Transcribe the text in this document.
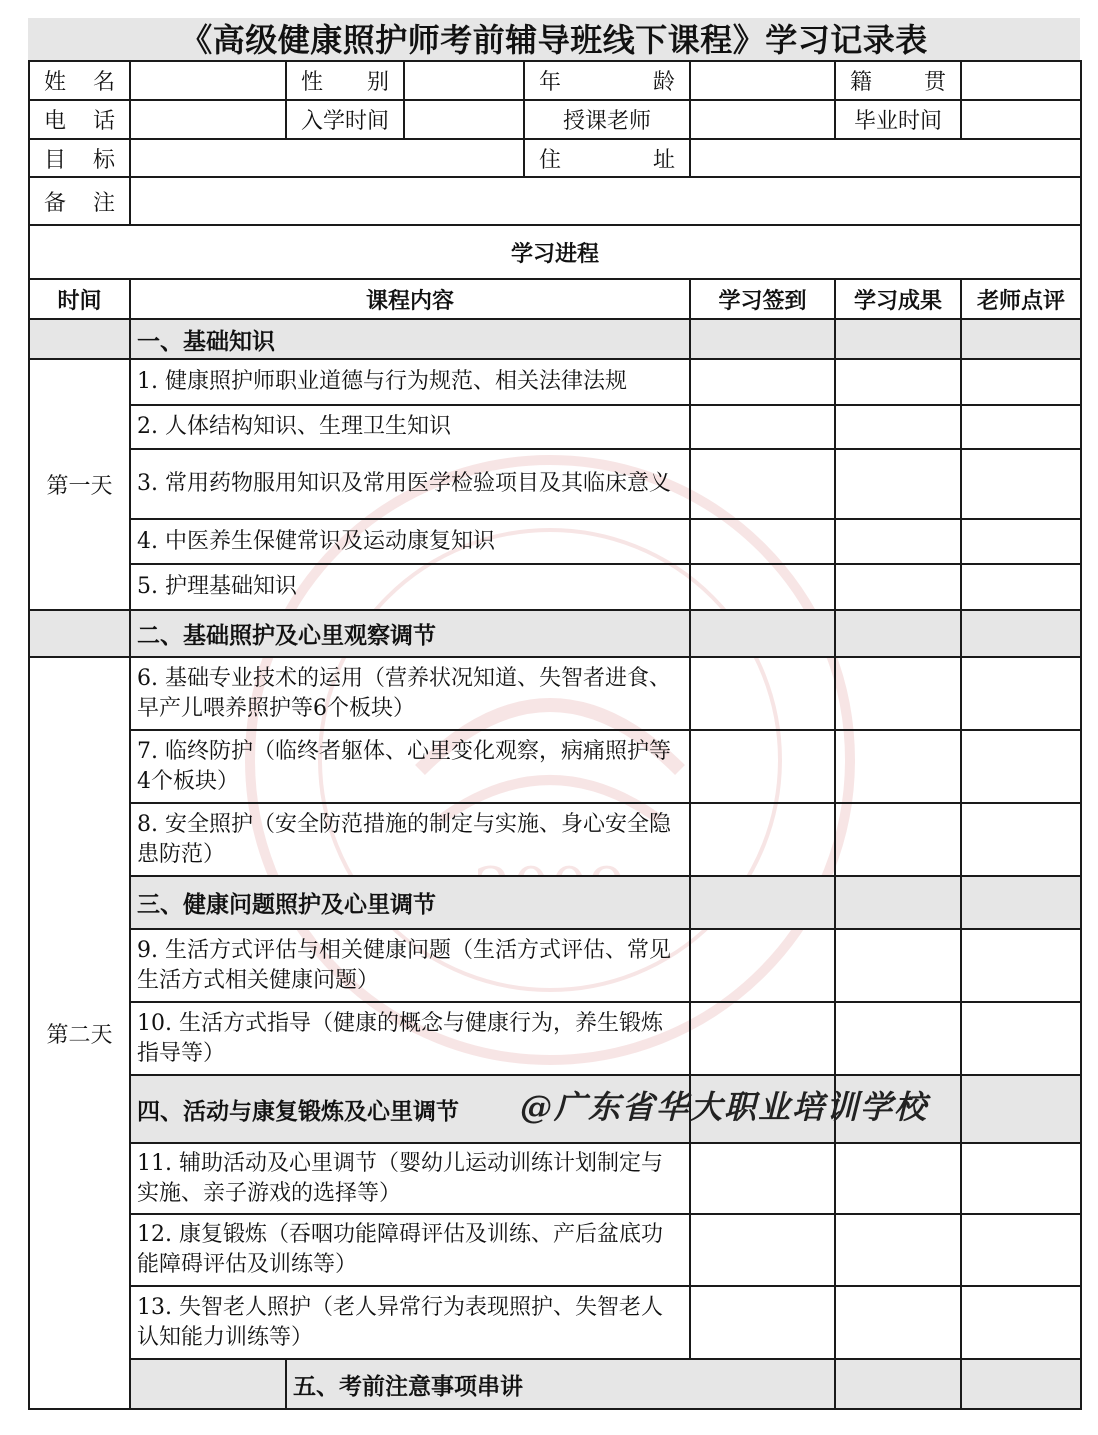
《高级健康照护师考前辅导班线下课程》学习记录表
姓 名		性 别		年 龄		籍 贯		
电 话		入学时间		授课老师		毕业时间		
目 标				住 址				
备 注								
学习进程								
时间	课程内容				学习签到	学习成果	老师点评	
	一、基础知识							
第一天	1. 健康照护师职业道德与行为规范、相关法律法规							
	2. 人体结构知识、生理卫生知识							
	3. 常用药物服用知识及常用医学检验项目及其临床意义							
	4. 中医养生保健常识及运动康复知识							
	5. 护理基础知识							
	二、基础照护及心里观察调节							
第二天	6. 基础专业技术的运用（营养状况知道、失智者进食、早产儿喂养照护等6个板块）							
	7. 临终防护（临终者躯体、心里变化观察，病痛照护等4个板块）							
	8. 安全照护（安全防范措施的制定与实施、身心安全隐患防范）							
	三、健康问题照护及心里调节							
	9. 生活方式评估与相关健康问题（生活方式评估、常见生活方式相关健康问题）							
	10. 生活方式指导（健康的概念与健康行为，养生锻炼指导等）							
	四、活动与康复锻炼及心里调节							
	11. 辅助活动及心里调节（婴幼儿运动训练计划制定与实施、亲子游戏的选择等）							
	12. 康复锻炼（吞咽功能障碍评估及训练、产后盆底功能障碍评估及训练等）							
	13. 失智老人照护（老人异常行为表现照护、失智老人认知能力训练等）							
		五、考前注意事项串讲						
@广东省华大职业培训学校
